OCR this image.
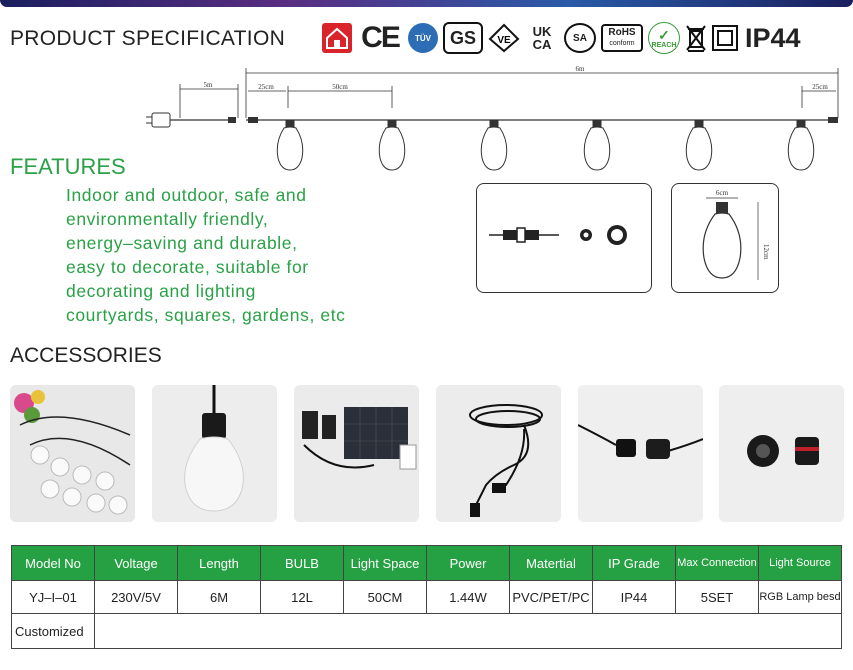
PRODUCT SPECIFICATION	CE	TÜV	GS	VE
UK
CA	SA	RoHS
conform
✓
REACH	IP44
5m
6m
25cm	50cm	25cm
FEATURES
Indoor and outdoor, safe and
environmentally friendly,
energy–saving and durable,
easy to decorate, suitable for
decorating and lighting
courtyards, squares, gardens, etc
6cm
12cm
ACCESSORIES
Model No	Voltage	Length	BULB	Light Space	Power	Matertial	IP Grade	Max Connection	Light Source
YJ–I–01	230V/5V	6M	12L	50CM	1.44W	PVC/PET/PC	IP44	5SET	RGB Lamp besd
Customized									
